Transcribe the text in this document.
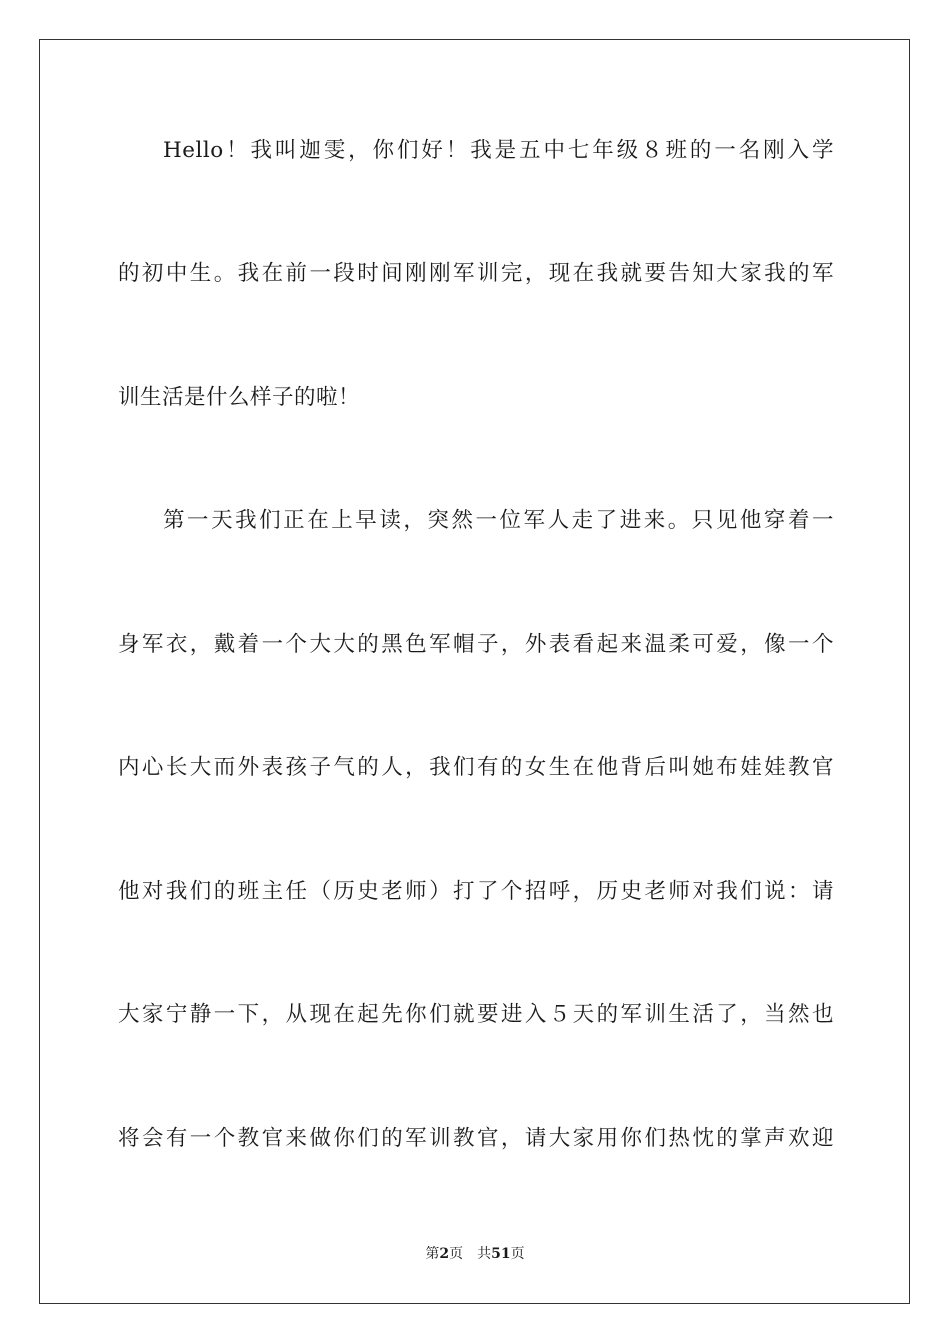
Hello！我叫迦雯，你们好！我是五中七年级８班的一名刚入学
的初中生。我在前一段时间刚刚军训完，现在我就要告知大家我的军
训生活是什么样子的啦！
第一天我们正在上早读，突然一位军人走了进来。只见他穿着一
身军衣，戴着一个大大的黑色军帽子，外表看起来温柔可爱，像一个
内心长大而外表孩子气的人，我们有的女生在他背后叫她布娃娃教官
他对我们的班主任（历史老师）打了个招呼，历史老师对我们说：请
大家宁静一下，从现在起先你们就要进入５天的军训生活了，当然也
将会有一个教官来做你们的军训教官，请大家用你们热忱的掌声欢迎
第2页 共51页
